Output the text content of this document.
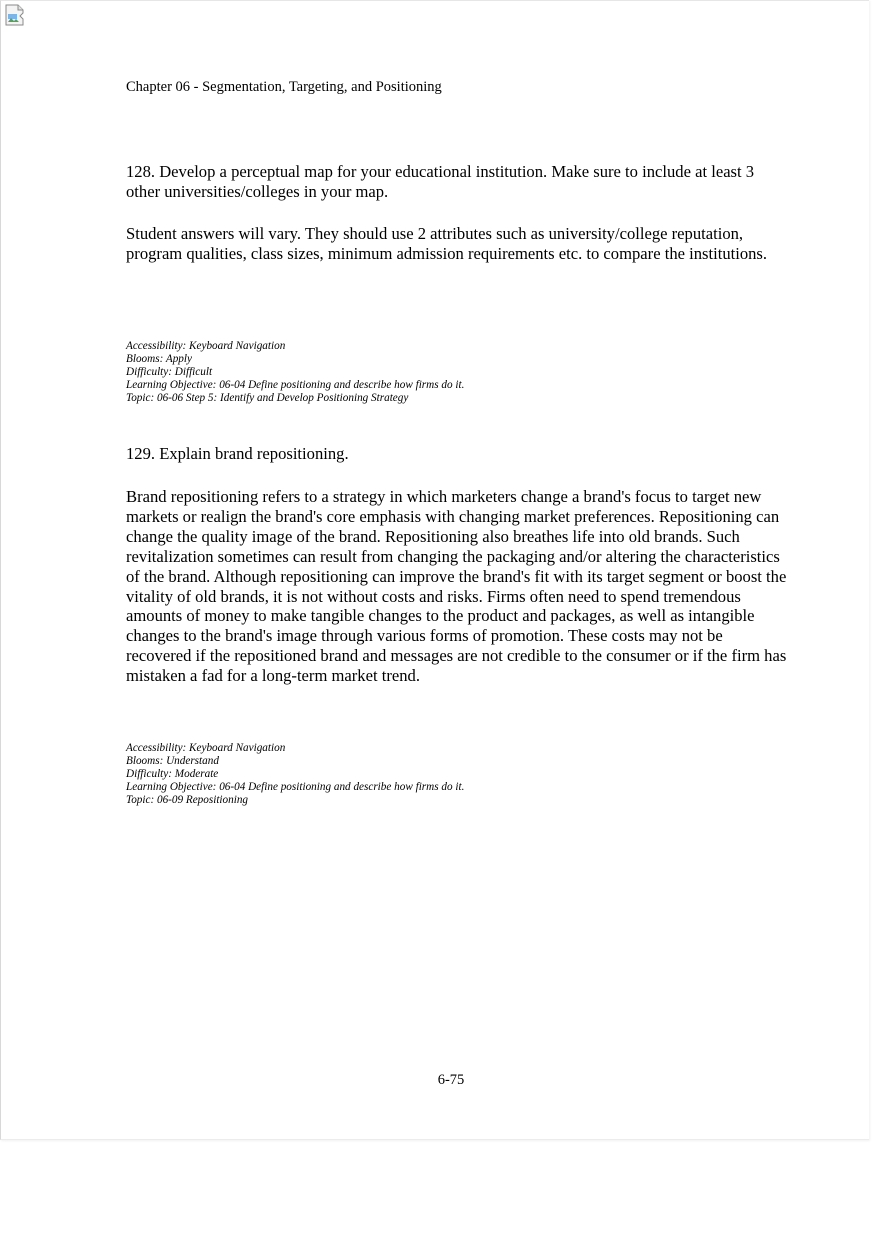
Chapter 06 - Segmentation, Targeting, and Positioning

128. Develop a perceptual map for your educational institution. Make sure to include at least 3 other universities/colleges in your map.

Student answers will vary. They should use 2 attributes such as university/college reputation, program qualities, class sizes, minimum admission requirements etc. to compare the institutions.

Accessibility: Keyboard Navigation
Blooms: Apply
Difficulty: Difficult
Learning Objective: 06-04 Define positioning and describe how firms do it.
Topic: 06-06 Step 5: Identify and Develop Positioning Strategy

129. Explain brand repositioning.

Brand repositioning refers to a strategy in which marketers change a brand's focus to target new markets or realign the brand's core emphasis with changing market preferences. Repositioning can change the quality image of the brand. Repositioning also breathes life into old brands. Such revitalization sometimes can result from changing the packaging and/or altering the characteristics of the brand. Although repositioning can improve the brand's fit with its target segment or boost the vitality of old brands, it is not without costs and risks. Firms often need to spend tremendous amounts of money to make tangible changes to the product and packages, as well as intangible changes to the brand's image through various forms of promotion. These costs may not be recovered if the repositioned brand and messages are not credible to the consumer or if the firm has mistaken a fad for a long-term market trend.

Accessibility: Keyboard Navigation
Blooms: Understand
Difficulty: Moderate
Learning Objective: 06-04 Define positioning and describe how firms do it.
Topic: 06-09 Repositioning
6-75
